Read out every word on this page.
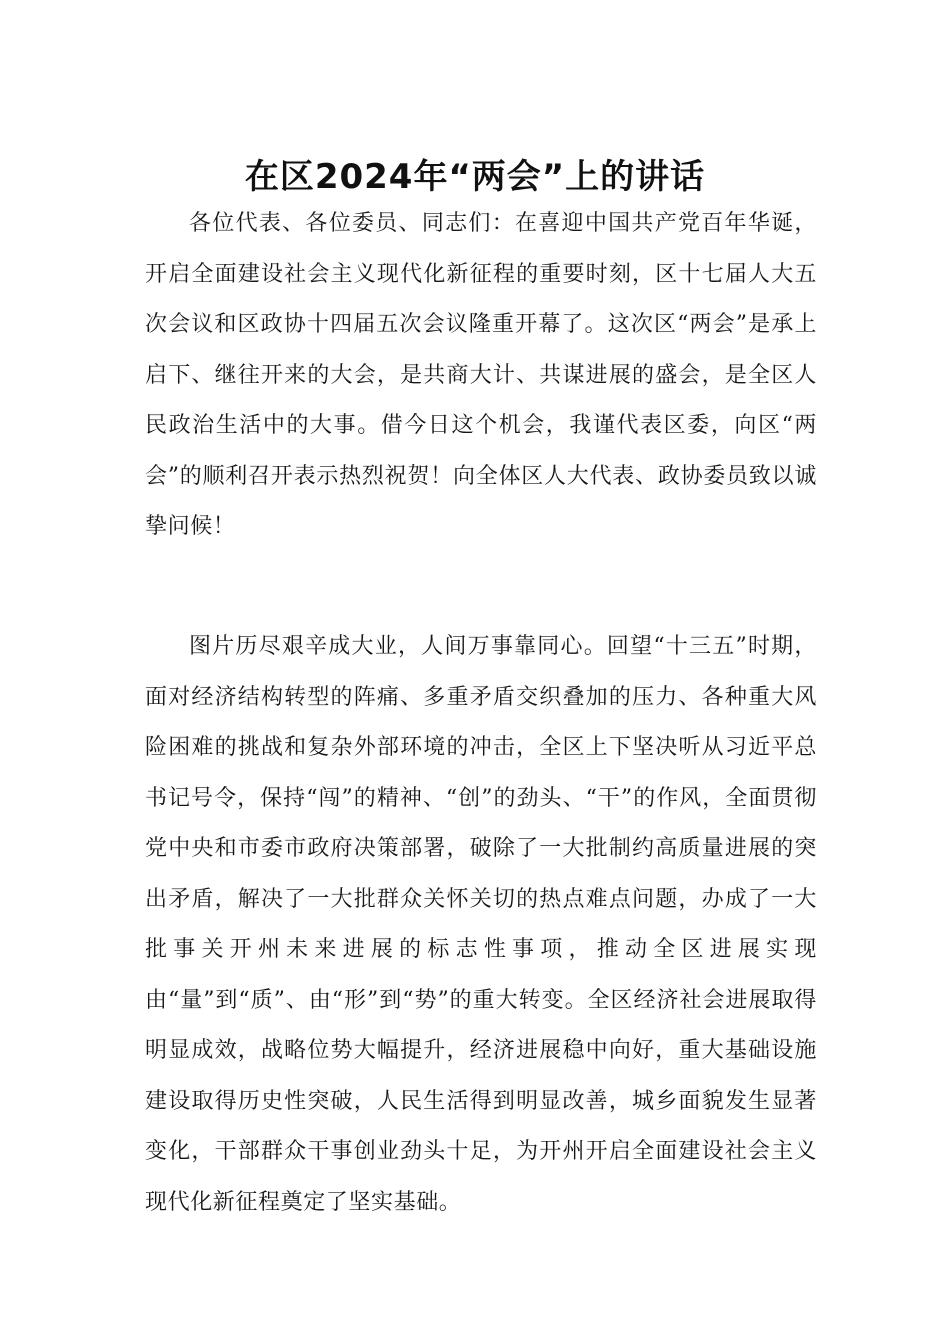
在区2024年“两会”上的讲话

各位代表、各位委员、同志们：在喜迎中国共产党百年华诞，开启全面建设社会主义现代化新征程的重要时刻，区十七届人大五次会议和区政协十四届五次会议隆重开幕了。这次区“两会”是承上启下、继往开来的大会，是共商大计、共谋进展的盛会，是全区人民政治生活中的大事。借今日这个机会，我谨代表区委，向区“两会”的顺利召开表示热烈祝贺！向全体区人大代表、政协委员致以诚挚问候！

图片历尽艰辛成大业，人间万事靠同心。回望“十三五”时期，面对经济结构转型的阵痛、多重矛盾交织叠加的压力、各种重大风险困难的挑战和复杂外部环境的冲击，全区上下坚决听从习近平总书记号令，保持“闯”的精神、“创”的劲头、“干”的作风，全面贯彻党中央和市委市政府决策部署，破除了一大批制约高质量进展的突出矛盾，解决了一大批群众关怀关切的热点难点问题，办成了一大批事关开州未来进展的标志性事项，推动全区进展实现由“量”到“质”、由“形”到“势”的重大转变。全区经济社会进展取得明显成效，战略位势大幅提升，经济进展稳中向好，重大基础设施建设取得历史性突破，人民生活得到明显改善，城乡面貌发生显著变化，干部群众干事创业劲头十足，为开州开启全面建设社会主义现代化新征程奠定了坚实基础。
